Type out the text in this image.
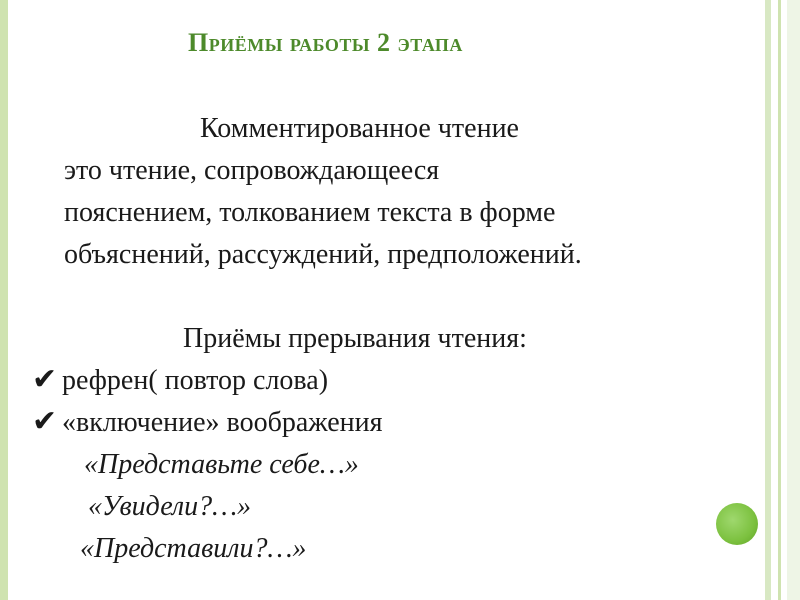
Приёмы работы 2 этапа
Комментированное чтение
это чтение, сопровождающееся
пояснением, толкованием текста в форме
объяснений, рассуждений, предположений.
Приёмы прерывания чтения:
✔ рефрен( повтор слова)
✔ «включение» воображения
«Представьте себе…»
«Увидели?…»
«Представили?…»
